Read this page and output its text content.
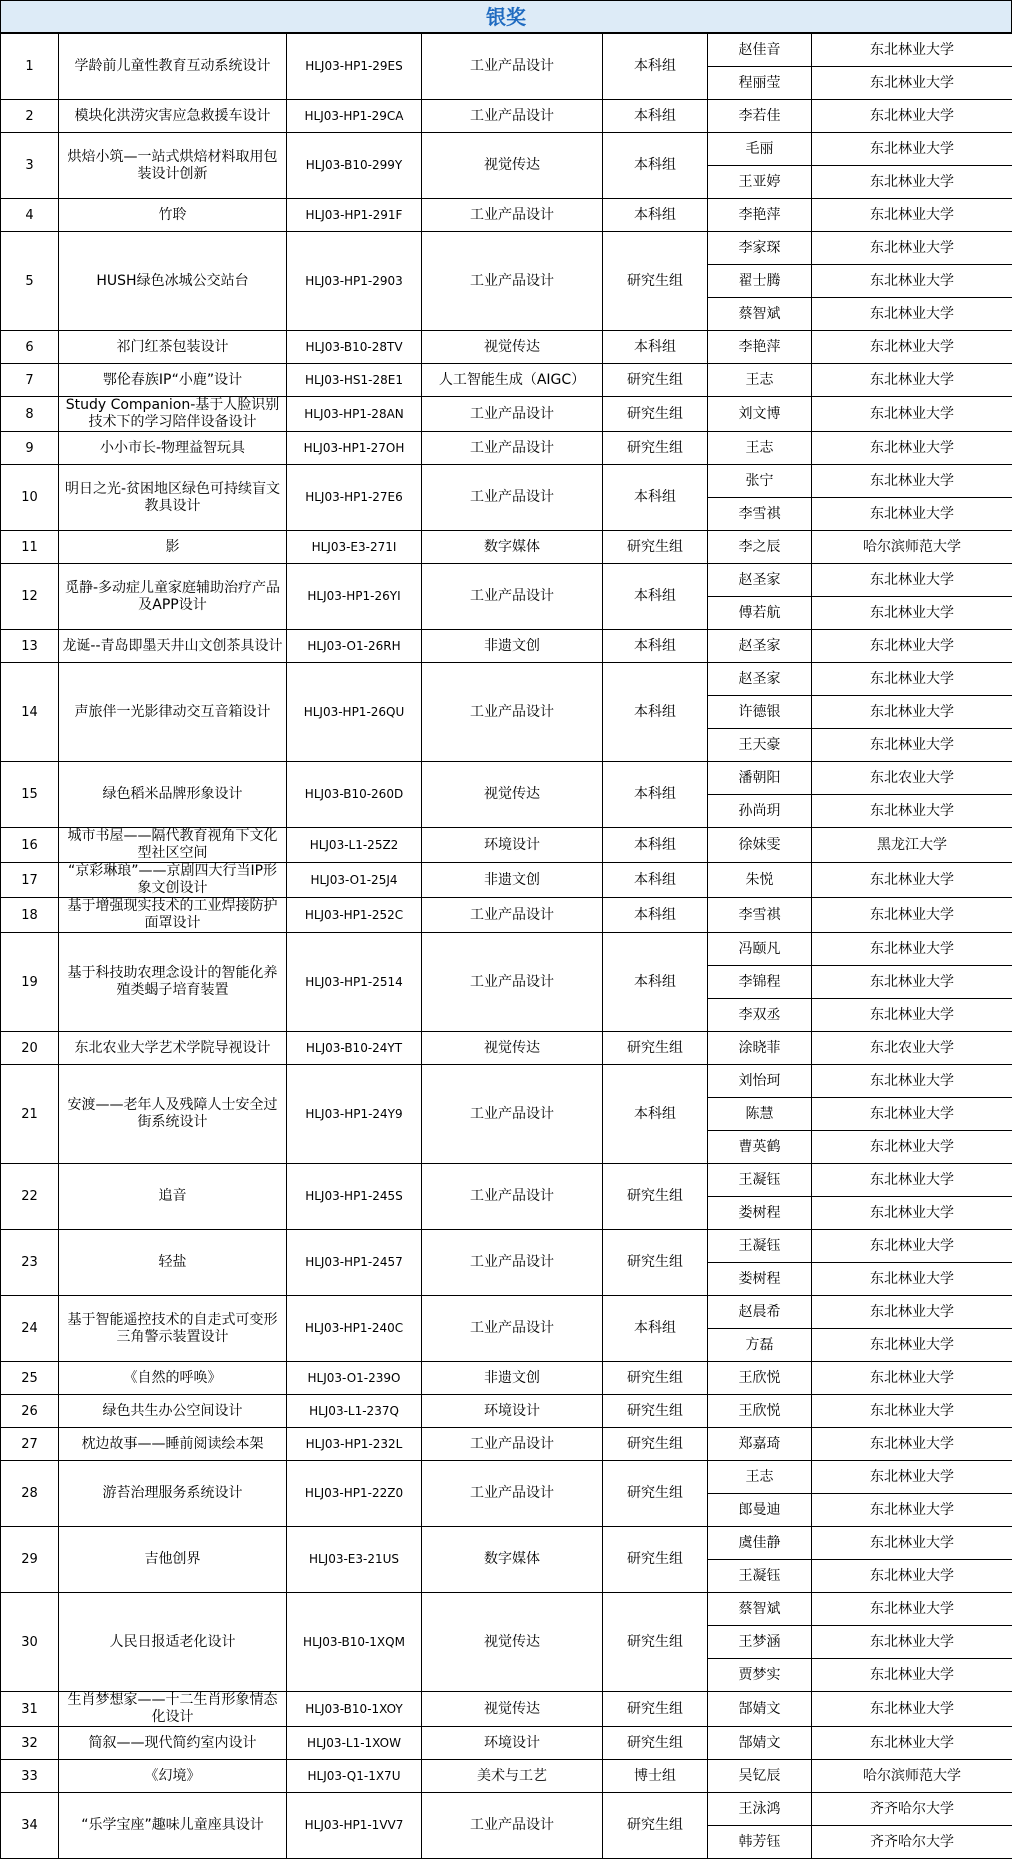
银奖
1	学龄前儿童性教育互动系统设计	HLJ03-HP1-29ES	工业产品设计	本科组	赵佳音	东北林业大学
					程丽莹	东北林业大学
2	模块化洪涝灾害应急救援车设计	HLJ03-HP1-29CA	工业产品设计	本科组	李若佳	东北林业大学
3	烘焙小筑—一站式烘焙材料取用包装设计创新	HLJ03-B10-299Y	视觉传达	本科组	毛丽	东北林业大学
					王亚婷	东北林业大学
4	竹聆	HLJ03-HP1-291F	工业产品设计	本科组	李艳萍	东北林业大学
5	HUSH绿色冰城公交站台	HLJ03-HP1-2903	工业产品设计	研究生组	李家琛	东北林业大学
					翟士腾	东北林业大学
					蔡智斌	东北林业大学
6	祁门红茶包装设计	HLJ03-B10-28TV	视觉传达	本科组	李艳萍	东北林业大学
7	鄂伦春族IP“小鹿”设计	HLJ03-HS1-28E1	人工智能生成（AIGC）	研究生组	王志	东北林业大学
8	Study Companion-基于人脸识别技术下的学习陪伴设备设计	HLJ03-HP1-28AN	工业产品设计	研究生组	刘文博	东北林业大学
9	小小市长-物理益智玩具	HLJ03-HP1-27OH	工业产品设计	研究生组	王志	东北林业大学
10	明日之光-贫困地区绿色可持续盲文教具设计	HLJ03-HP1-27E6	工业产品设计	本科组	张宁	东北林业大学
					李雪祺	东北林业大学
11	影	HLJ03-E3-271I	数字媒体	研究生组	李之辰	哈尔滨师范大学
12	觅静-多动症儿童家庭辅助治疗产品及APP设计	HLJ03-HP1-26YI	工业产品设计	本科组	赵圣家	东北林业大学
					傅若航	东北林业大学
13	龙诞--青岛即墨天井山文创茶具设计	HLJ03-O1-26RH	非遗文创	本科组	赵圣家	东北林业大学
14	声旅伴一光影律动交互音箱设计	HLJ03-HP1-26QU	工业产品设计	本科组	赵圣家	东北林业大学
					许德银	东北林业大学
					王天豪	东北林业大学
15	绿色稻米品牌形象设计	HLJ03-B10-260D	视觉传达	本科组	潘朝阳	东北农业大学
					孙尚玥	东北林业大学
16	城市书屋——隔代教育视角下文化型社区空间	HLJ03-L1-25Z2	环境设计	本科组	徐妹雯	黑龙江大学
17	“京彩琳琅”——京剧四大行当IP形象文创设计	HLJ03-O1-25J4	非遗文创	本科组	朱悦	东北林业大学
18	基于增强现实技术的工业焊接防护面罩设计	HLJ03-HP1-252C	工业产品设计	本科组	李雪祺	东北林业大学
19	基于科技助农理念设计的智能化养殖类蝎子培育装置	HLJ03-HP1-2514	工业产品设计	本科组	冯颐凡	东北林业大学
					李锦程	东北林业大学
					李双丞	东北林业大学
20	东北农业大学艺术学院导视设计	HLJ03-B10-24YT	视觉传达	研究生组	涂晓菲	东北农业大学
21	安渡——老年人及残障人士安全过街系统设计	HLJ03-HP1-24Y9	工业产品设计	本科组	刘怡珂	东北林业大学
					陈慧	东北林业大学
					曹英鹤	东北林业大学
22	追音	HLJ03-HP1-245S	工业产品设计	研究生组	王凝钰	东北林业大学
					娄树程	东北林业大学
23	轻盐	HLJ03-HP1-2457	工业产品设计	研究生组	王凝钰	东北林业大学
					娄树程	东北林业大学
24	基于智能遥控技术的自走式可变形三角警示装置设计	HLJ03-HP1-240C	工业产品设计	本科组	赵晨希	东北林业大学
					方磊	东北林业大学
25	《自然的呼唤》	HLJ03-O1-239O	非遗文创	研究生组	王欣悦	东北林业大学
26	绿色共生办公空间设计	HLJ03-L1-237Q	环境设计	研究生组	王欣悦	东北林业大学
27	枕边故事——睡前阅读绘本架	HLJ03-HP1-232L	工业产品设计	研究生组	郑嘉琦	东北林业大学
28	游苔治理服务系统设计	HLJ03-HP1-22Z0	工业产品设计	研究生组	王志	东北林业大学
					郎曼迪	东北林业大学
29	吉他创界	HLJ03-E3-21US	数字媒体	研究生组	虞佳静	东北林业大学
					王凝钰	东北林业大学
30	人民日报适老化设计	HLJ03-B10-1XQM	视觉传达	研究生组	蔡智斌	东北林业大学
					王梦涵	东北林业大学
					贾梦实	东北林业大学
31	生肖梦想家——十二生肖形象情态化设计	HLJ03-B10-1XOY	视觉传达	研究生组	郜婧文	东北林业大学
32	简叙——现代简约室内设计	HLJ03-L1-1XOW	环境设计	研究生组	郜婧文	东北林业大学
33	《幻境》	HLJ03-Q1-1X7U	美术与工艺	博士组	吴钇辰	哈尔滨师范大学
34	“乐学宝座”趣味儿童座具设计	HLJ03-HP1-1VV7	工业产品设计	研究生组	王泳鸿	齐齐哈尔大学
					韩芳钰	齐齐哈尔大学
